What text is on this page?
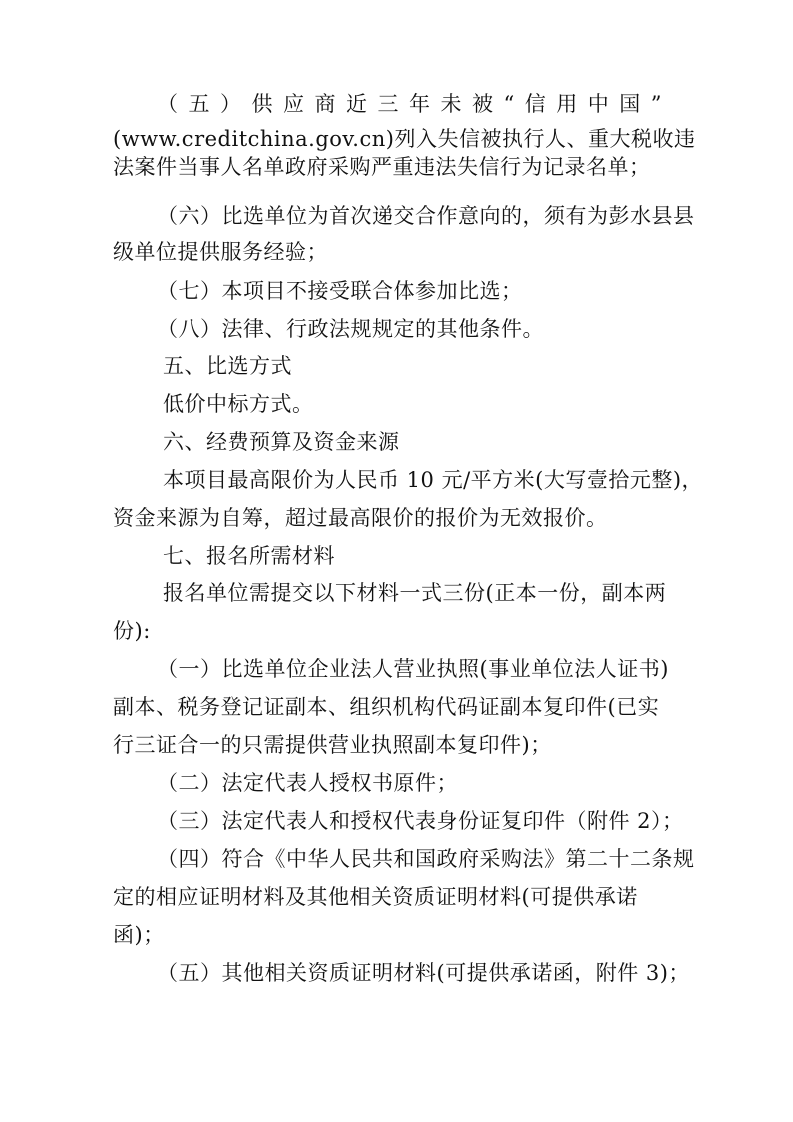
（五）供应商近三年未被“信用中国”
(www.creditchina.gov.cn)列入失信被执行人、重大税收违
法案件当事人名单政府采购严重违法失信行为记录名单；
（六）比选单位为首次递交合作意向的，须有为彭水县县
级单位提供服务经验；
（七）本项目不接受联合体参加比选；
（八）法律、行政法规规定的其他条件。
五、比选方式
低价中标方式。
六、经费预算及资金来源
本项目最高限价为人民币 10 元/平方米(大写壹拾元整)，
资金来源为自筹，超过最高限价的报价为无效报价。
七、报名所需材料
报名单位需提交以下材料一式三份(正本一份，副本两
份):
（一）比选单位企业法人营业执照(事业单位法人证书)
副本、税务登记证副本、组织机构代码证副本复印件(已实
行三证合一的只需提供营业执照副本复印件)；
（二）法定代表人授权书原件；
（三）法定代表人和授权代表身份证复印件（附件 2）；
（四）符合《中华人民共和国政府采购法》第二十二条规
定的相应证明材料及其他相关资质证明材料(可提供承诺
函)；
（五）其他相关资质证明材料(可提供承诺函，附件 3)；
